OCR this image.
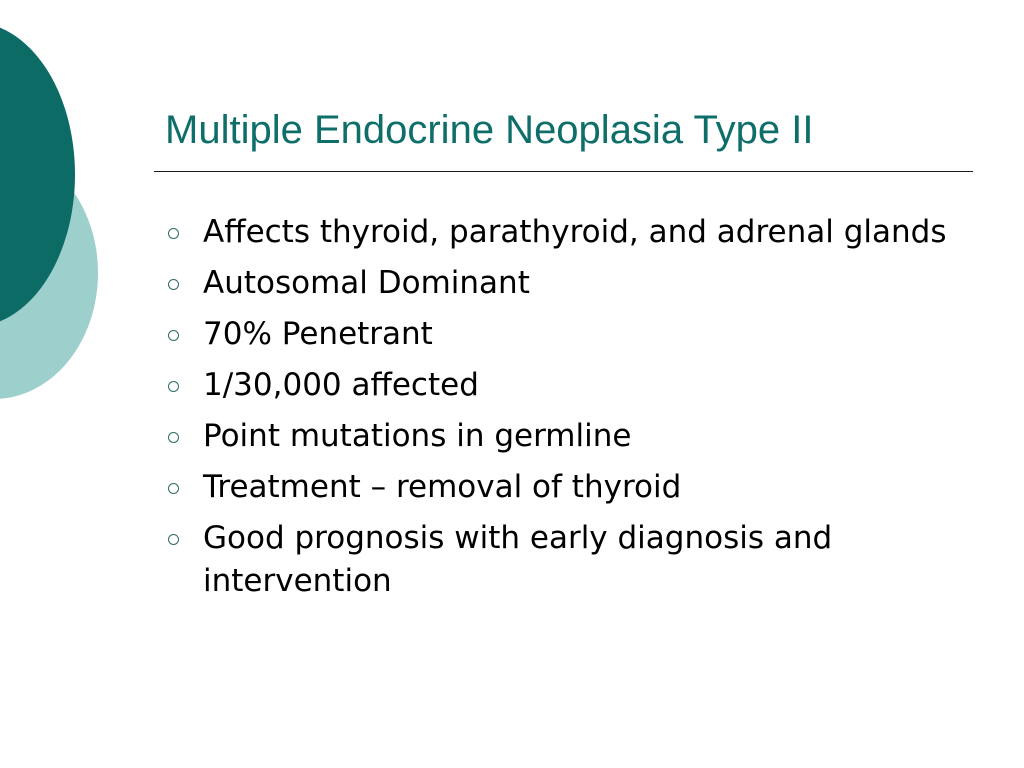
Multiple Endocrine Neoplasia Type II
Affects thyroid, parathyroid, and adrenal glands
Autosomal Dominant
70% Penetrant
1/30,000 affected
Point mutations in germline
Treatment – removal of thyroid
Good prognosis with early diagnosis and intervention
